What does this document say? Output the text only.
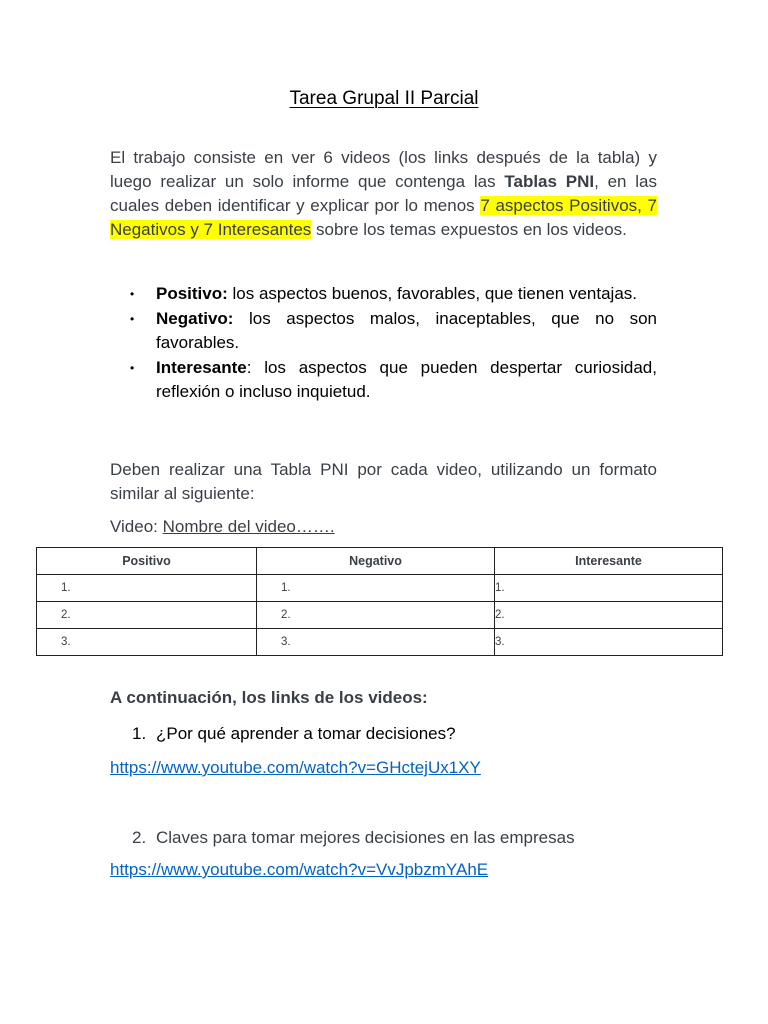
Tarea Grupal II Parcial

El trabajo consiste en ver 6 videos (los links después de la tabla) y luego realizar un solo informe que contenga las Tablas PNI, en las cuales deben identificar y explicar por lo menos 7 aspectos Positivos, 7 Negativos y 7 Interesantes sobre los temas expuestos en los videos.

• Positivo: los aspectos buenos, favorables, que tienen ventajas.
• Negativo: los aspectos malos, inaceptables, que no son favorables.
• Interesante: los aspectos que pueden despertar curiosidad, reflexión o incluso inquietud.

Deben realizar una Tabla PNI por cada video, utilizando un formato similar al siguiente:

Video: Nombre del video…….
Positivo	Negativo	Interesante
1.	1.	1.
2.	2.	2.
3.	3.	3.
A continuación, los links de los videos:
1. ¿Por qué aprender a tomar decisiones?
https://www.youtube.com/watch?v=GHctejUx1XY
2. Claves para tomar mejores decisiones en las empresas
https://www.youtube.com/watch?v=VvJpbzmYAhE
